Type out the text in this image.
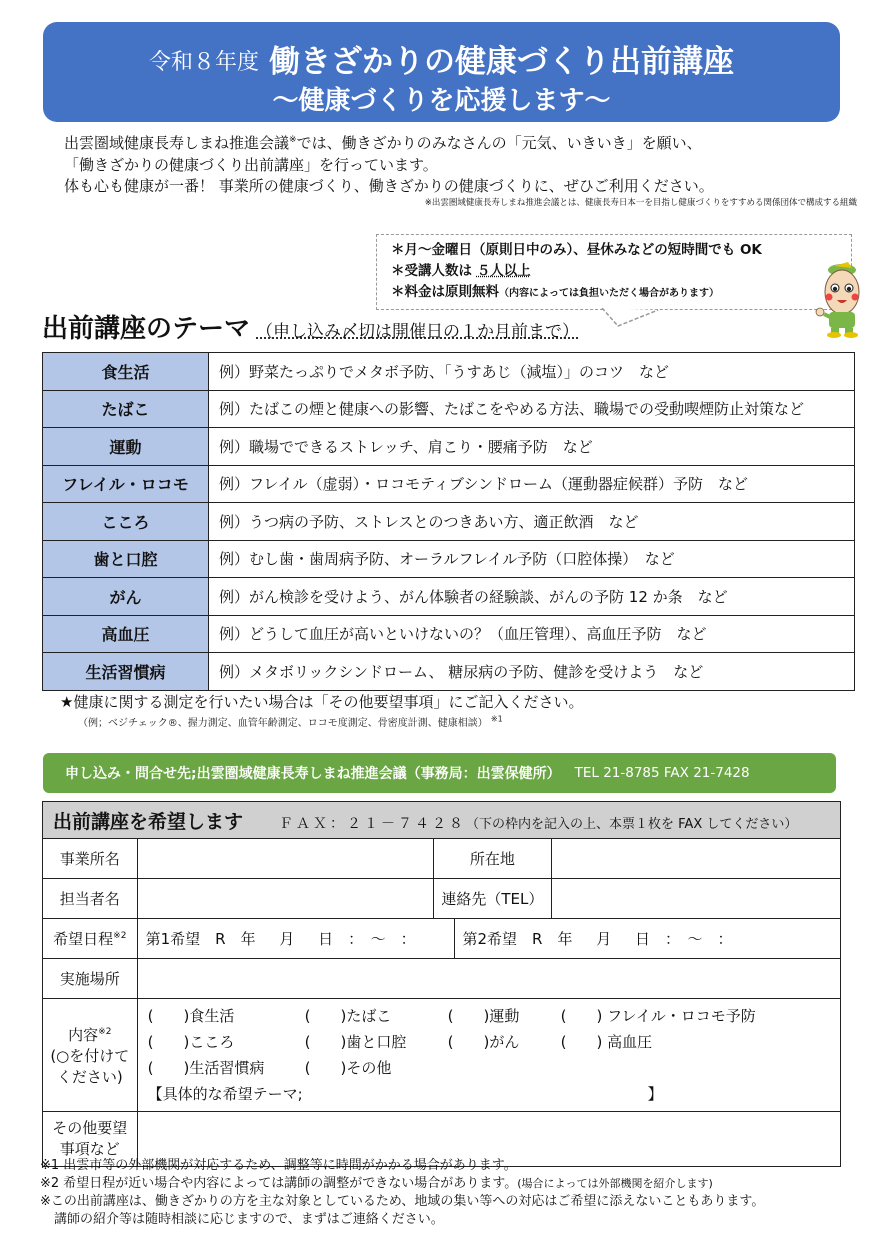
令和８年度 働きざかりの健康づくり出前講座
～健康づくりを応援します～

出雲圏域健康長寿しまね推進会議※では、働きざかりのみなさんの「元気、いきいき」を願い、

「働きざかりの健康づくり出前講座」を行っています。

体も心も健康が一番！ 事業所の健康づくり、働きざかりの健康づくりに、ぜひご利用ください。

※出雲圏域健康長寿しまね推進会議とは、健康長寿日本一を目指し健康づくりをすすめる関係団体で構成する組織

＊月～金曜日（原則日中のみ）、昼休みなどの短時間でも OK

＊受講人数は ５人以上

＊料金は原則無料（内容によっては負担いただく場合があります）

出前講座のテーマ （申し込み〆切は開催日の１か月前まで）
食生活	例）野菜たっぷりでメタボ予防、「うすあじ（減塩）」のコツ　など
たばこ	例）たばこの煙と健康への影響、たばこをやめる方法、職場での受動喫煙防止対策など
運動	例）職場でできるストレッチ、肩こり・腰痛予防　など
フレイル・ロコモ	例）フレイル（虚弱）・ロコモティブシンドローム（運動器症候群）予防　など
こころ	例）うつ病の予防、ストレスとのつきあい方、適正飲酒　など
歯と口腔	例）むし歯・歯周病予防、オーラルフレイル予防（口腔体操）　など
がん	例）がん検診を受けよう、がん体験者の経験談、がんの予防 12 か条　など
高血圧	例）どうして血圧が高いといけないの？（血圧管理）、高血圧予防　など
生活習慣病	例）メタボリックシンドローム、 糖尿病の予防、健診を受けよう　など
★健康に関する測定を行いたい場合は「その他要望事項」にご記入ください。
（例；ベジチェック®、握力測定、血管年齢測定、ロコモ度測定、骨密度計測、健康相談） $^{※1}$
申し込み・問合せ先;出雲圏域健康長寿しまね推進会議（事務局：出雲保健所） TEL 21-8785 FAX 21-7428
出前講座を希望します ＦＡＸ：２１－７４２８（下の枠内を記入の上、本票１枚を FAX してください）				
事業所名		所在地		
担当者名		連絡先（TEL）		
希望日程$^{※2}$	第1希望　R　年　 月　 日　：　～　：		第2希望　R　年　 月　 日　：　～　：	
実施場所				

内容$^{※2}$
(○を付けて
ください)

(　　)食生活	(　　)たばこ	(　　)運動	(　　) フレイル・ロコモ予防
(　　)こころ	(　　)歯と口腔	(　　)がん	(　　) 高血圧
(　　)生活習慣病	(　　)その他
【具体的な希望テーマ;　　　　　　　　　　　　　　　　　　　　　　　】

その他要望
事項など				

※1 出雲市等の外部機関が対応するため、調整等に時間がかかる場合があります。

※2 希望日程が近い場合や内容によっては講師の調整ができない場合があります。(場合によっては外部機関を紹介します)

※この出前講座は、働きざかりの方を主な対象としているため、地域の集い等への対応はご希望に添えないこともあります。

講師の紹介等は随時相談に応じますので、まずはご連絡ください。
